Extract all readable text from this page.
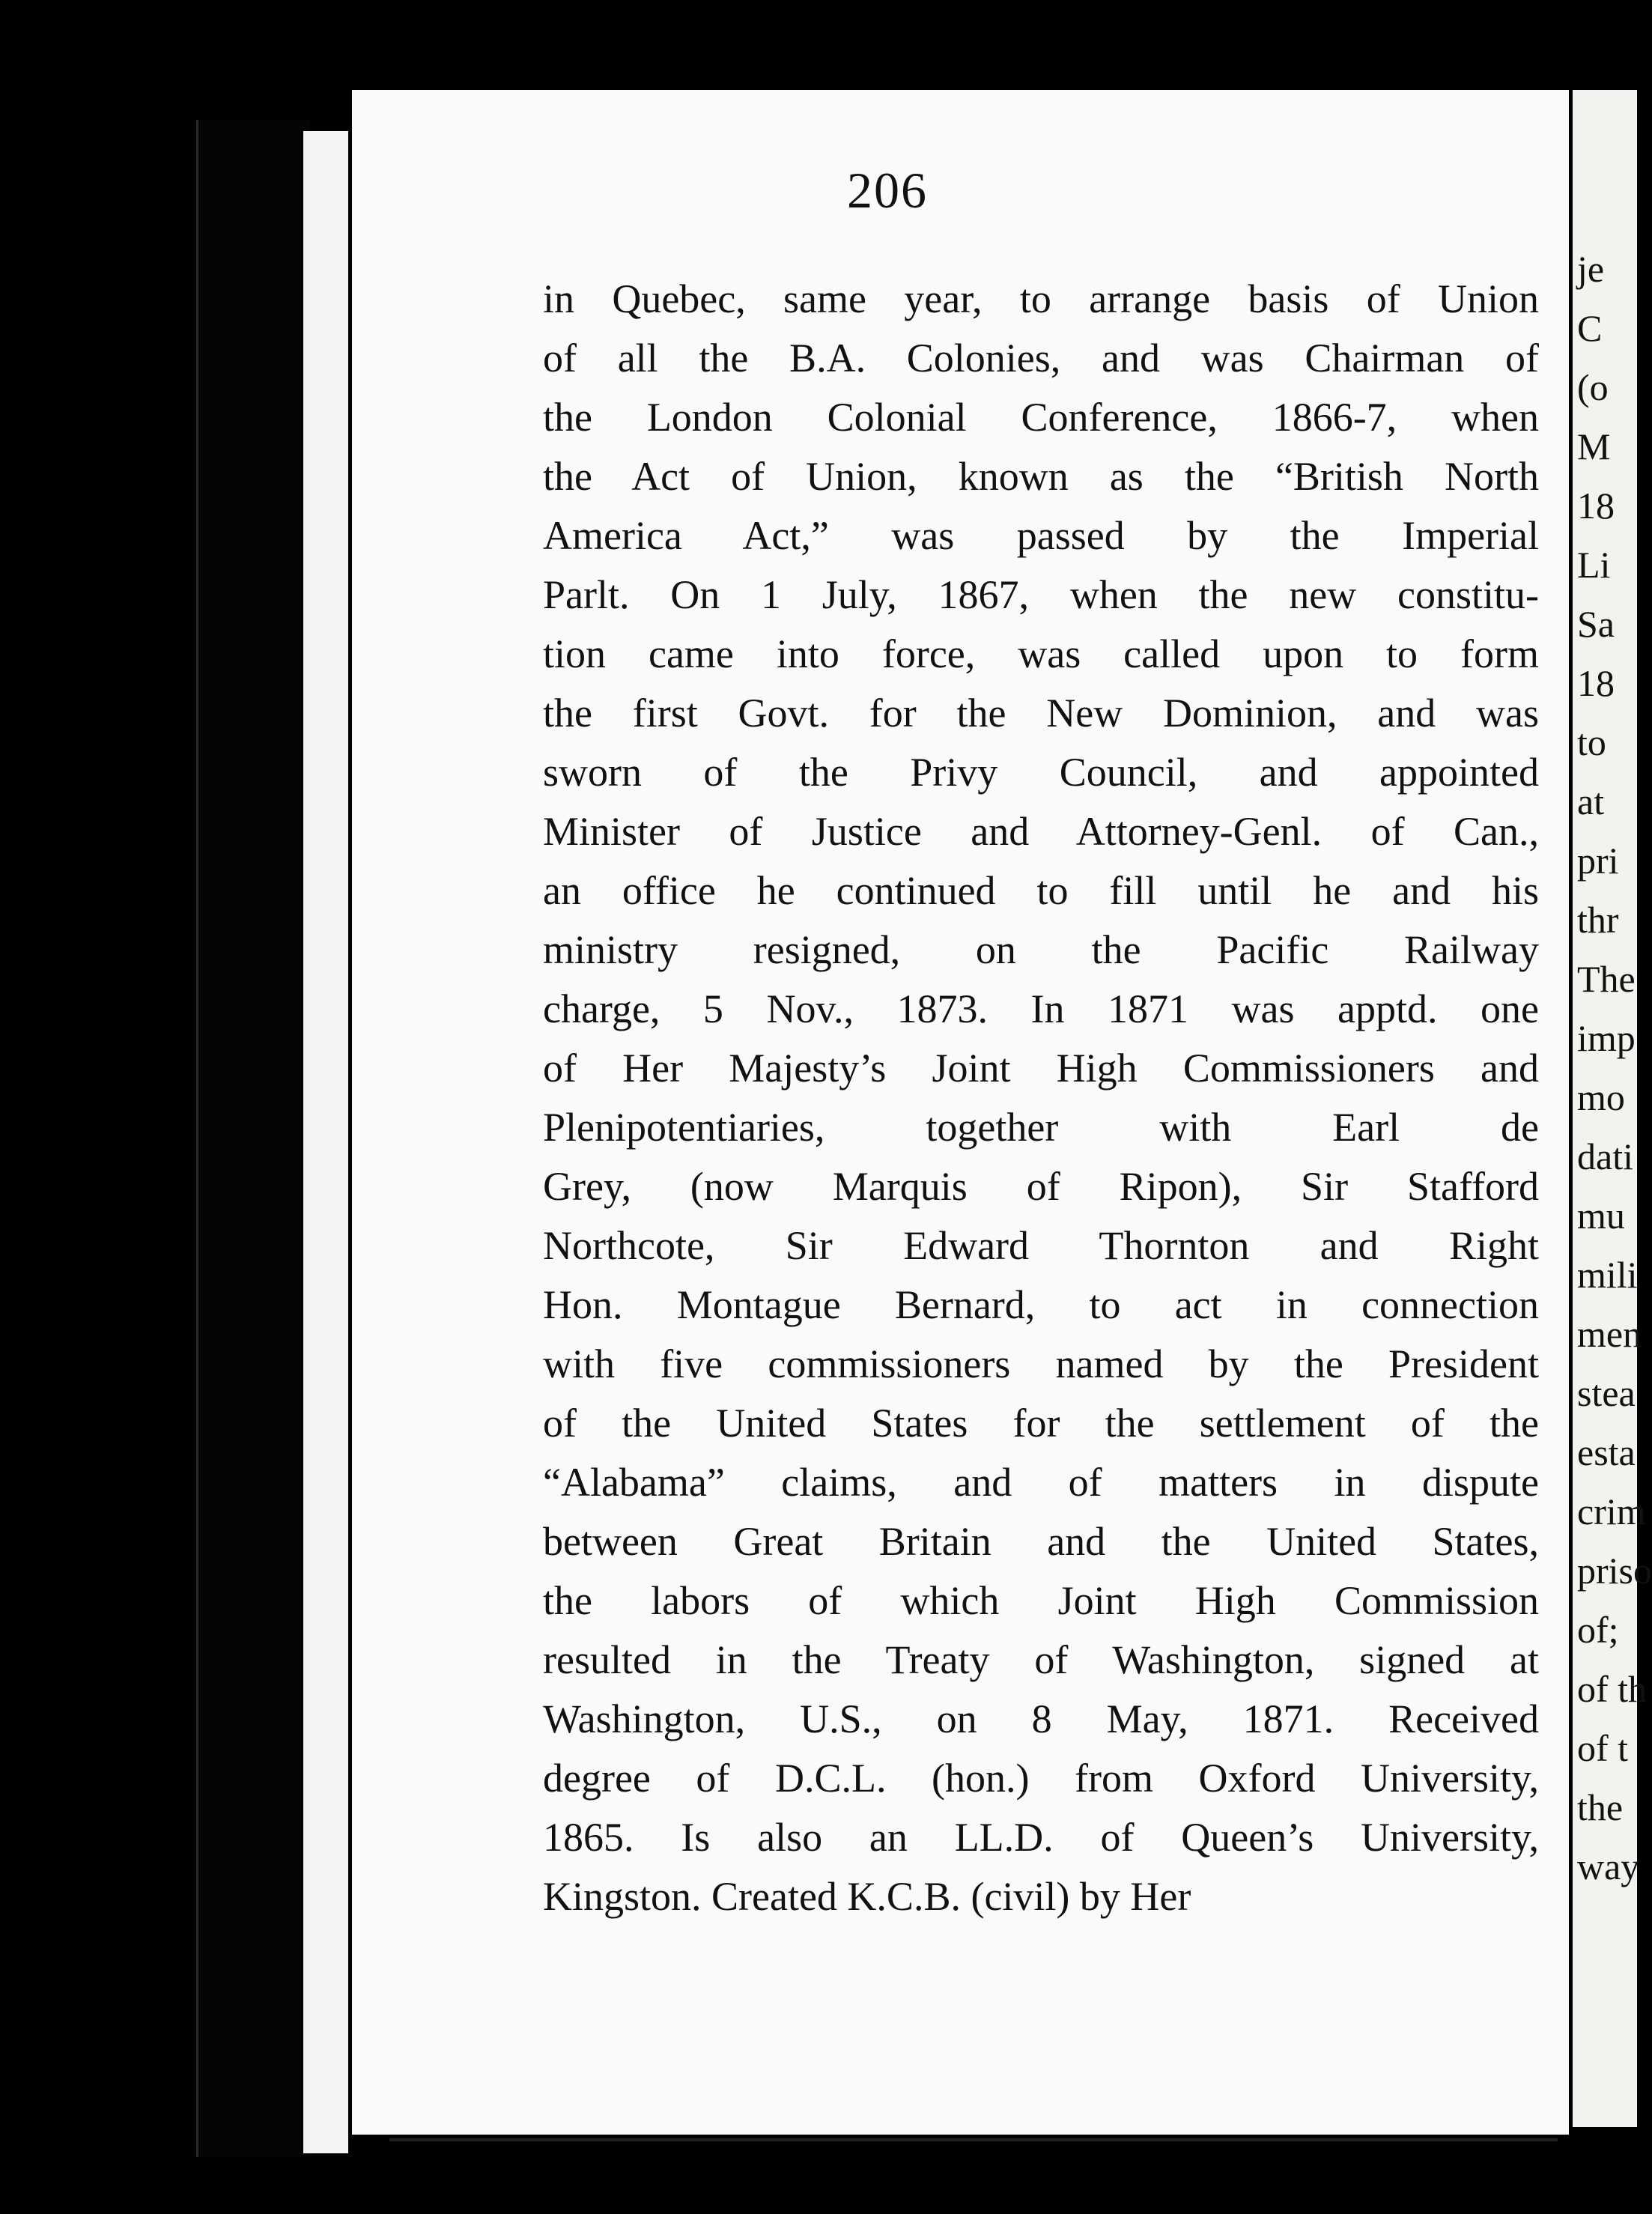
206
in Quebec, same year, to arrange basis of Union
of all the B.A. Colonies, and was Chairman of
the London Colonial Conference, 1866-7, when
the Act of Union, known as the “British North
America Act,” was passed by the Imperial
Parlt. On 1 July, 1867, when the new constitu-
tion came into force, was called upon to form
the first Govt. for the New Dominion, and was
sworn of the Privy Council, and appointed
Minister of Justice and Attorney-Genl. of Can.,
an office he continued to fill until he and his
ministry resigned, on the Pacific Railway
charge, 5 Nov., 1873. In 1871 was apptd. one
of Her Majesty’s Joint High Commissioners and
Plenipotentiaries, together with Earl de
Grey, (now Marquis of Ripon), Sir Stafford
Northcote, Sir Edward Thornton and Right
Hon. Montague Bernard, to act in connection
with five commissioners named by the President
of the United States for the settlement of the
“Alabama” claims, and of matters in dispute
between Great Britain and the United States,
the labors of which Joint High Commission
resulted in the Treaty of Washington, signed at
Washington, U.S., on 8 May, 1871. Received
degree of D.C.L. (hon.) from Oxford University,
1865. Is also an LL.D. of Queen’s University,
Kingston. Created K.C.B. (civil) by Her
je
C
(o
M
18
Li
Sa
18
to
at
pri
thr
The
imp
mo
dati
mu
mili
men
stea
esta
crim
priso
of;
of th
of t
the
way
